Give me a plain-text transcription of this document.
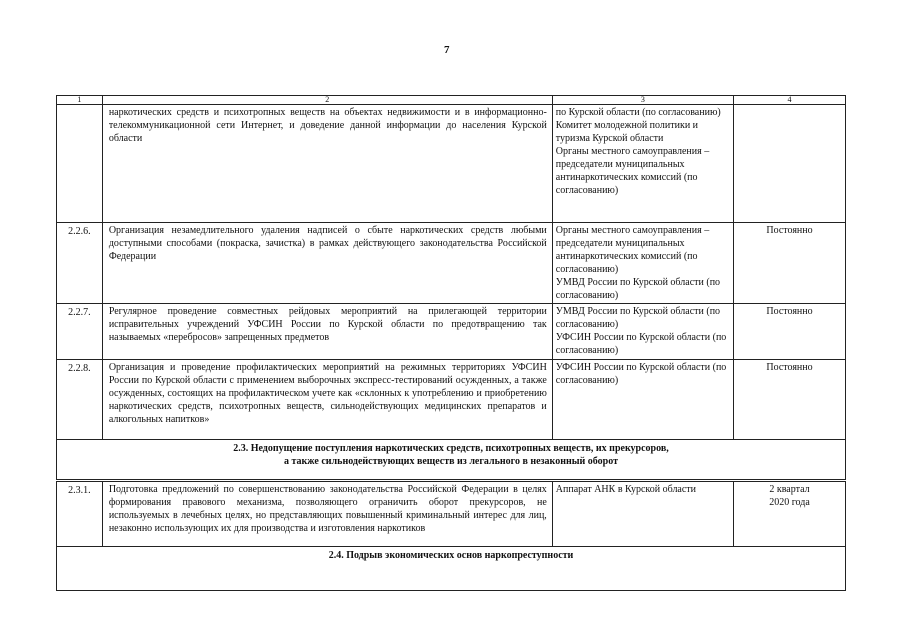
7
1	2	3	4
	наркотических средств и психотропных веществ на объектах недвижимости и в информационно-телекоммуникационной сети Интернет, и доведение данной информации до населения Курской области	по Курской области (по согласованию)
Комитет молодежной политики и туризма Курской области
Органы местного самоуправления – председатели муниципальных антинаркотических комиссий (по согласованию)	

2.2.6.	Организация незамедлительного удаления надписей о сбыте наркотических средств любыми доступными способами (покраска, зачистка) в рамках действующего законодательства Российской Федерации	Органы местного самоуправления – председатели муниципальных антинаркотических комиссий (по согласованию)
УМВД России по Курской области (по согласованию)	Постоянно
2.2.7.	Регулярное проведение совместных рейдовых мероприятий на прилегающей территории исправительных учреждений УФСИН России по Курской области по предотвращению так называемых «перебросов» запрещенных предметов	УМВД России по Курской области (по согласованию)
УФСИН России по Курской области (по согласованию)	Постоянно
2.2.8.	Организация и проведение профилактических мероприятий на режимных территориях УФСИН России по Курской области с применением выборочных экспресс-тестирований осужденных, а также осужденных, состоящих на профилактическом учете как «склонных к употреблению и приобретению наркотических средств, психотропных веществ, сильнодействующих медицинских препаратов и алкогольных напитков»	УФСИН России по Курской области (по согласованию)	Постоянно

2.3. Недопущение поступления наркотических средств, психотропных веществ, их прекурсоров,
а также сильнодействующих веществ из легального в незаконный оборот			

2.3.1.	Подготовка предложений по совершенствованию законодательства Российской Федерации в целях формирования правового механизма, позволяющего ограничить оборот прекурсоров, не используемых в лечебных целях, но представляющих повышенный криминальный интерес для лиц, незаконно использующих их для производства и изготовления наркотиков	Аппарат АНК в Курской области	2 квартал
2020 года

2.4. Подрыв экономических основ наркопреступности			
